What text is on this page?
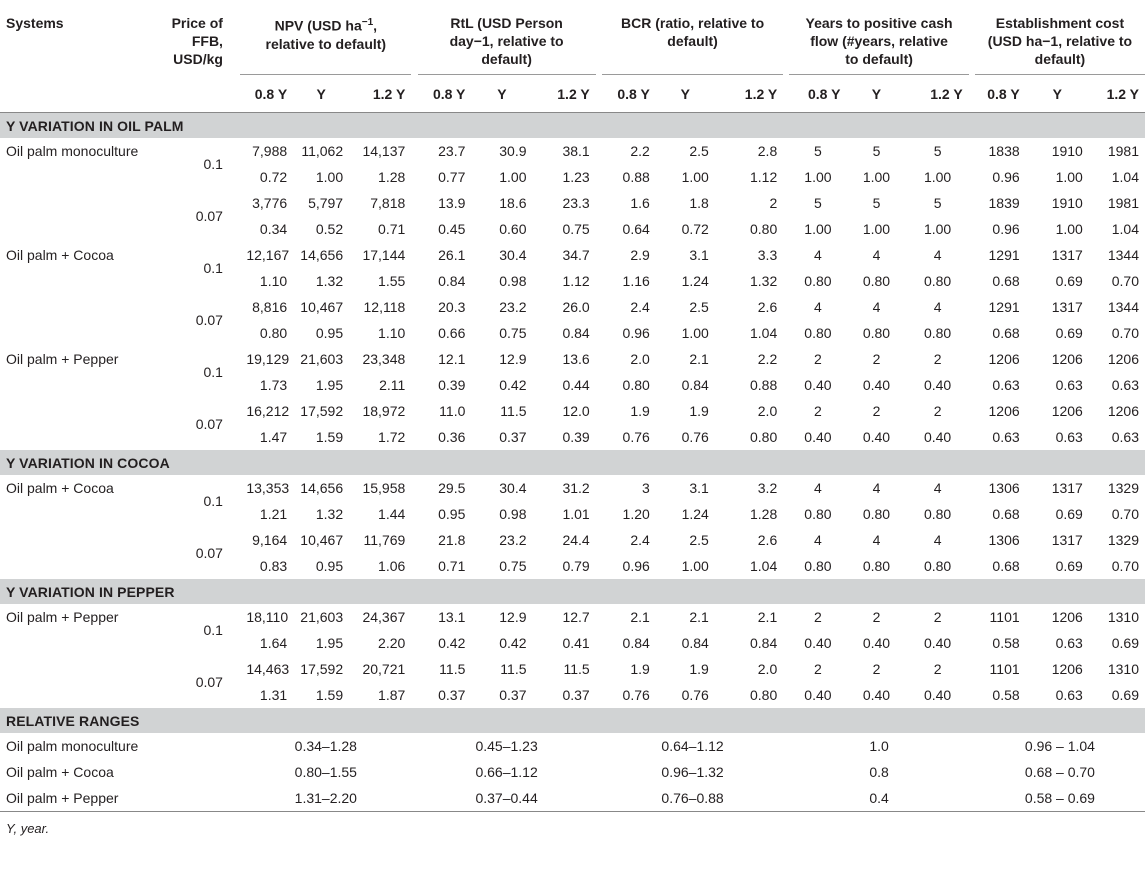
Systems	Price of
FFB,
USD/kg		NPV (USD $ha^{-1}$,
relative to default)				RtL (USD Person
day−1, relative to
default)				BCR (ratio, relative to
default)				Years to positive cash
flow (#years, relative
to default)				Establishment cost
(USD ha−1, relative to
default)		
			0.8 Y	Y	1.2 Y		0.8 Y	Y	1.2 Y		0.8 Y	Y	1.2 Y		0.8 Y	Y	1.2 Y		0.8 Y	Y	1.2 Y

Y VARIATION IN OIL PALM																					
Oil palm monoculture	0.1		7,988	11,062	14,137		23.7	30.9	38.1		2.2	2.5	2.8		5	5	5		1838	1910	1981
			0.72	1.00	1.28		0.77	1.00	1.23		0.88	1.00	1.12		1.00	1.00	1.00		0.96	1.00	1.04
	0.07		3,776	5,797	7,818		13.9	18.6	23.3		1.6	1.8	2		5	5	5		1839	1910	1981
			0.34	0.52	0.71		0.45	0.60	0.75		0.64	0.72	0.80		1.00	1.00	1.00		0.96	1.00	1.04
Oil palm + Cocoa	0.1		12,167	14,656	17,144		26.1	30.4	34.7		2.9	3.1	3.3		4	4	4		1291	1317	1344
			1.10	1.32	1.55		0.84	0.98	1.12		1.16	1.24	1.32		0.80	0.80	0.80		0.68	0.69	0.70
	0.07		8,816	10,467	12,118		20.3	23.2	26.0		2.4	2.5	2.6		4	4	4		1291	1317	1344
			0.80	0.95	1.10		0.66	0.75	0.84		0.96	1.00	1.04		0.80	0.80	0.80		0.68	0.69	0.70
Oil palm + Pepper	0.1		19,129	21,603	23,348		12.1	12.9	13.6		2.0	2.1	2.2		2	2	2		1206	1206	1206
			1.73	1.95	2.11		0.39	0.42	0.44		0.80	0.84	0.88		0.40	0.40	0.40		0.63	0.63	0.63
	0.07		16,212	17,592	18,972		11.0	11.5	12.0		1.9	1.9	2.0		2	2	2		1206	1206	1206
			1.47	1.59	1.72		0.36	0.37	0.39		0.76	0.76	0.80		0.40	0.40	0.40		0.63	0.63	0.63
Y VARIATION IN COCOA																					
Oil palm + Cocoa	0.1		13,353	14,656	15,958		29.5	30.4	31.2		3	3.1	3.2		4	4	4		1306	1317	1329
			1.21	1.32	1.44		0.95	0.98	1.01		1.20	1.24	1.28		0.80	0.80	0.80		0.68	0.69	0.70
	0.07		9,164	10,467	11,769		21.8	23.2	24.4		2.4	2.5	2.6		4	4	4		1306	1317	1329
			0.83	0.95	1.06		0.71	0.75	0.79		0.96	1.00	1.04		0.80	0.80	0.80		0.68	0.69	0.70
Y VARIATION IN PEPPER																					
Oil palm + Pepper	0.1		18,110	21,603	24,367		13.1	12.9	12.7		2.1	2.1	2.1		2	2	2		1101	1206	1310
			1.64	1.95	2.20		0.42	0.42	0.41		0.84	0.84	0.84		0.40	0.40	0.40		0.58	0.63	0.69
	0.07		14,463	17,592	20,721		11.5	11.5	11.5		1.9	1.9	2.0		2	2	2		1101	1206	1310
			1.31	1.59	1.87		0.37	0.37	0.37		0.76	0.76	0.80		0.40	0.40	0.40		0.58	0.63	0.69
RELATIVE RANGES																					
Oil palm monoculture			0.34–1.28				0.45–1.23				0.64–1.12				1.0				0.96 – 1.04		
Oil palm + Cocoa			0.80–1.55				0.66–1.12				0.96–1.32				0.8				0.68 – 0.70		
Oil palm + Pepper			1.31–2.20				0.37–0.44				0.76–0.88				0.4				0.58 – 0.69		
Y, year.
